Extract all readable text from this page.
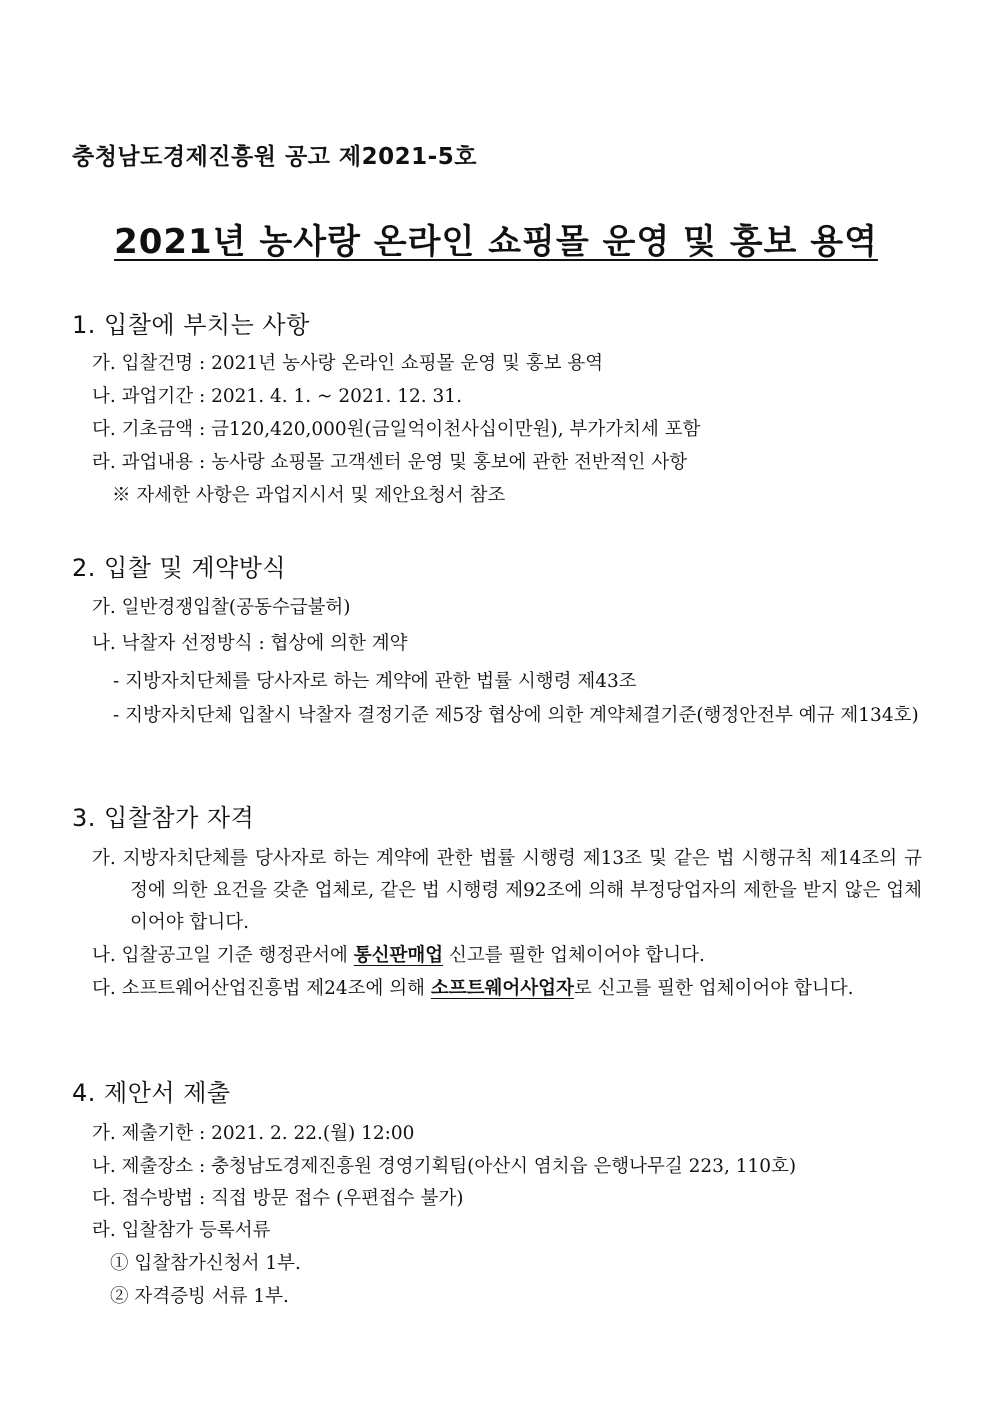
충청남도경제진흥원 공고 제2021-5호
2021년 농사랑 온라인 쇼핑몰 운영 및 홍보 용역
1. 입찰에 부치는 사항
가. 입찰건명 : 2021년 농사랑 온라인 쇼핑몰 운영 및 홍보 용역
나. 과업기간 : 2021. 4. 1. ~ 2021. 12. 31.
다. 기초금액 : 금120,420,000원(금일억이천사십이만원), 부가가치세 포함
라. 과업내용 : 농사랑 쇼핑몰 고객센터 운영 및 홍보에 관한 전반적인 사항
※ 자세한 사항은 과업지시서 및 제안요청서 참조
2. 입찰 및 계약방식
가. 일반경쟁입찰(공동수급불허)
나. 낙찰자 선정방식 : 협상에 의한 계약
- 지방자치단체를 당사자로 하는 계약에 관한 법률 시행령 제43조
- 지방자치단체 입찰시 낙찰자 결정기준 제5장 협상에 의한 계약체결기준(행정안전부 예규 제134호)
3. 입찰참가 자격
가. 지방자치단체를 당사자로 하는 계약에 관한 법률 시행령 제13조 및 같은 법 시행규칙 제14조의 규정에 의한 요건을 갖춘 업체로, 같은 법 시행령 제92조에 의해 부정당업자의 제한을 받지 않은 업체이어야 합니다.
나. 입찰공고일 기준 행정관서에 통신판매업 신고를 필한 업체이어야 합니다.
다. 소프트웨어산업진흥법 제24조에 의해 소프트웨어사업자로 신고를 필한 업체이어야 합니다.
4. 제안서 제출
가. 제출기한 : 2021. 2. 22.(월) 12:00
나. 제출장소 : 충청남도경제진흥원 경영기획팀(아산시 염치읍 은행나무길 223, 110호)
다. 접수방법 : 직접 방문 접수 (우편접수 불가)
라. 입찰참가 등록서류
① 입찰참가신청서 1부.
② 자격증빙 서류 1부.
